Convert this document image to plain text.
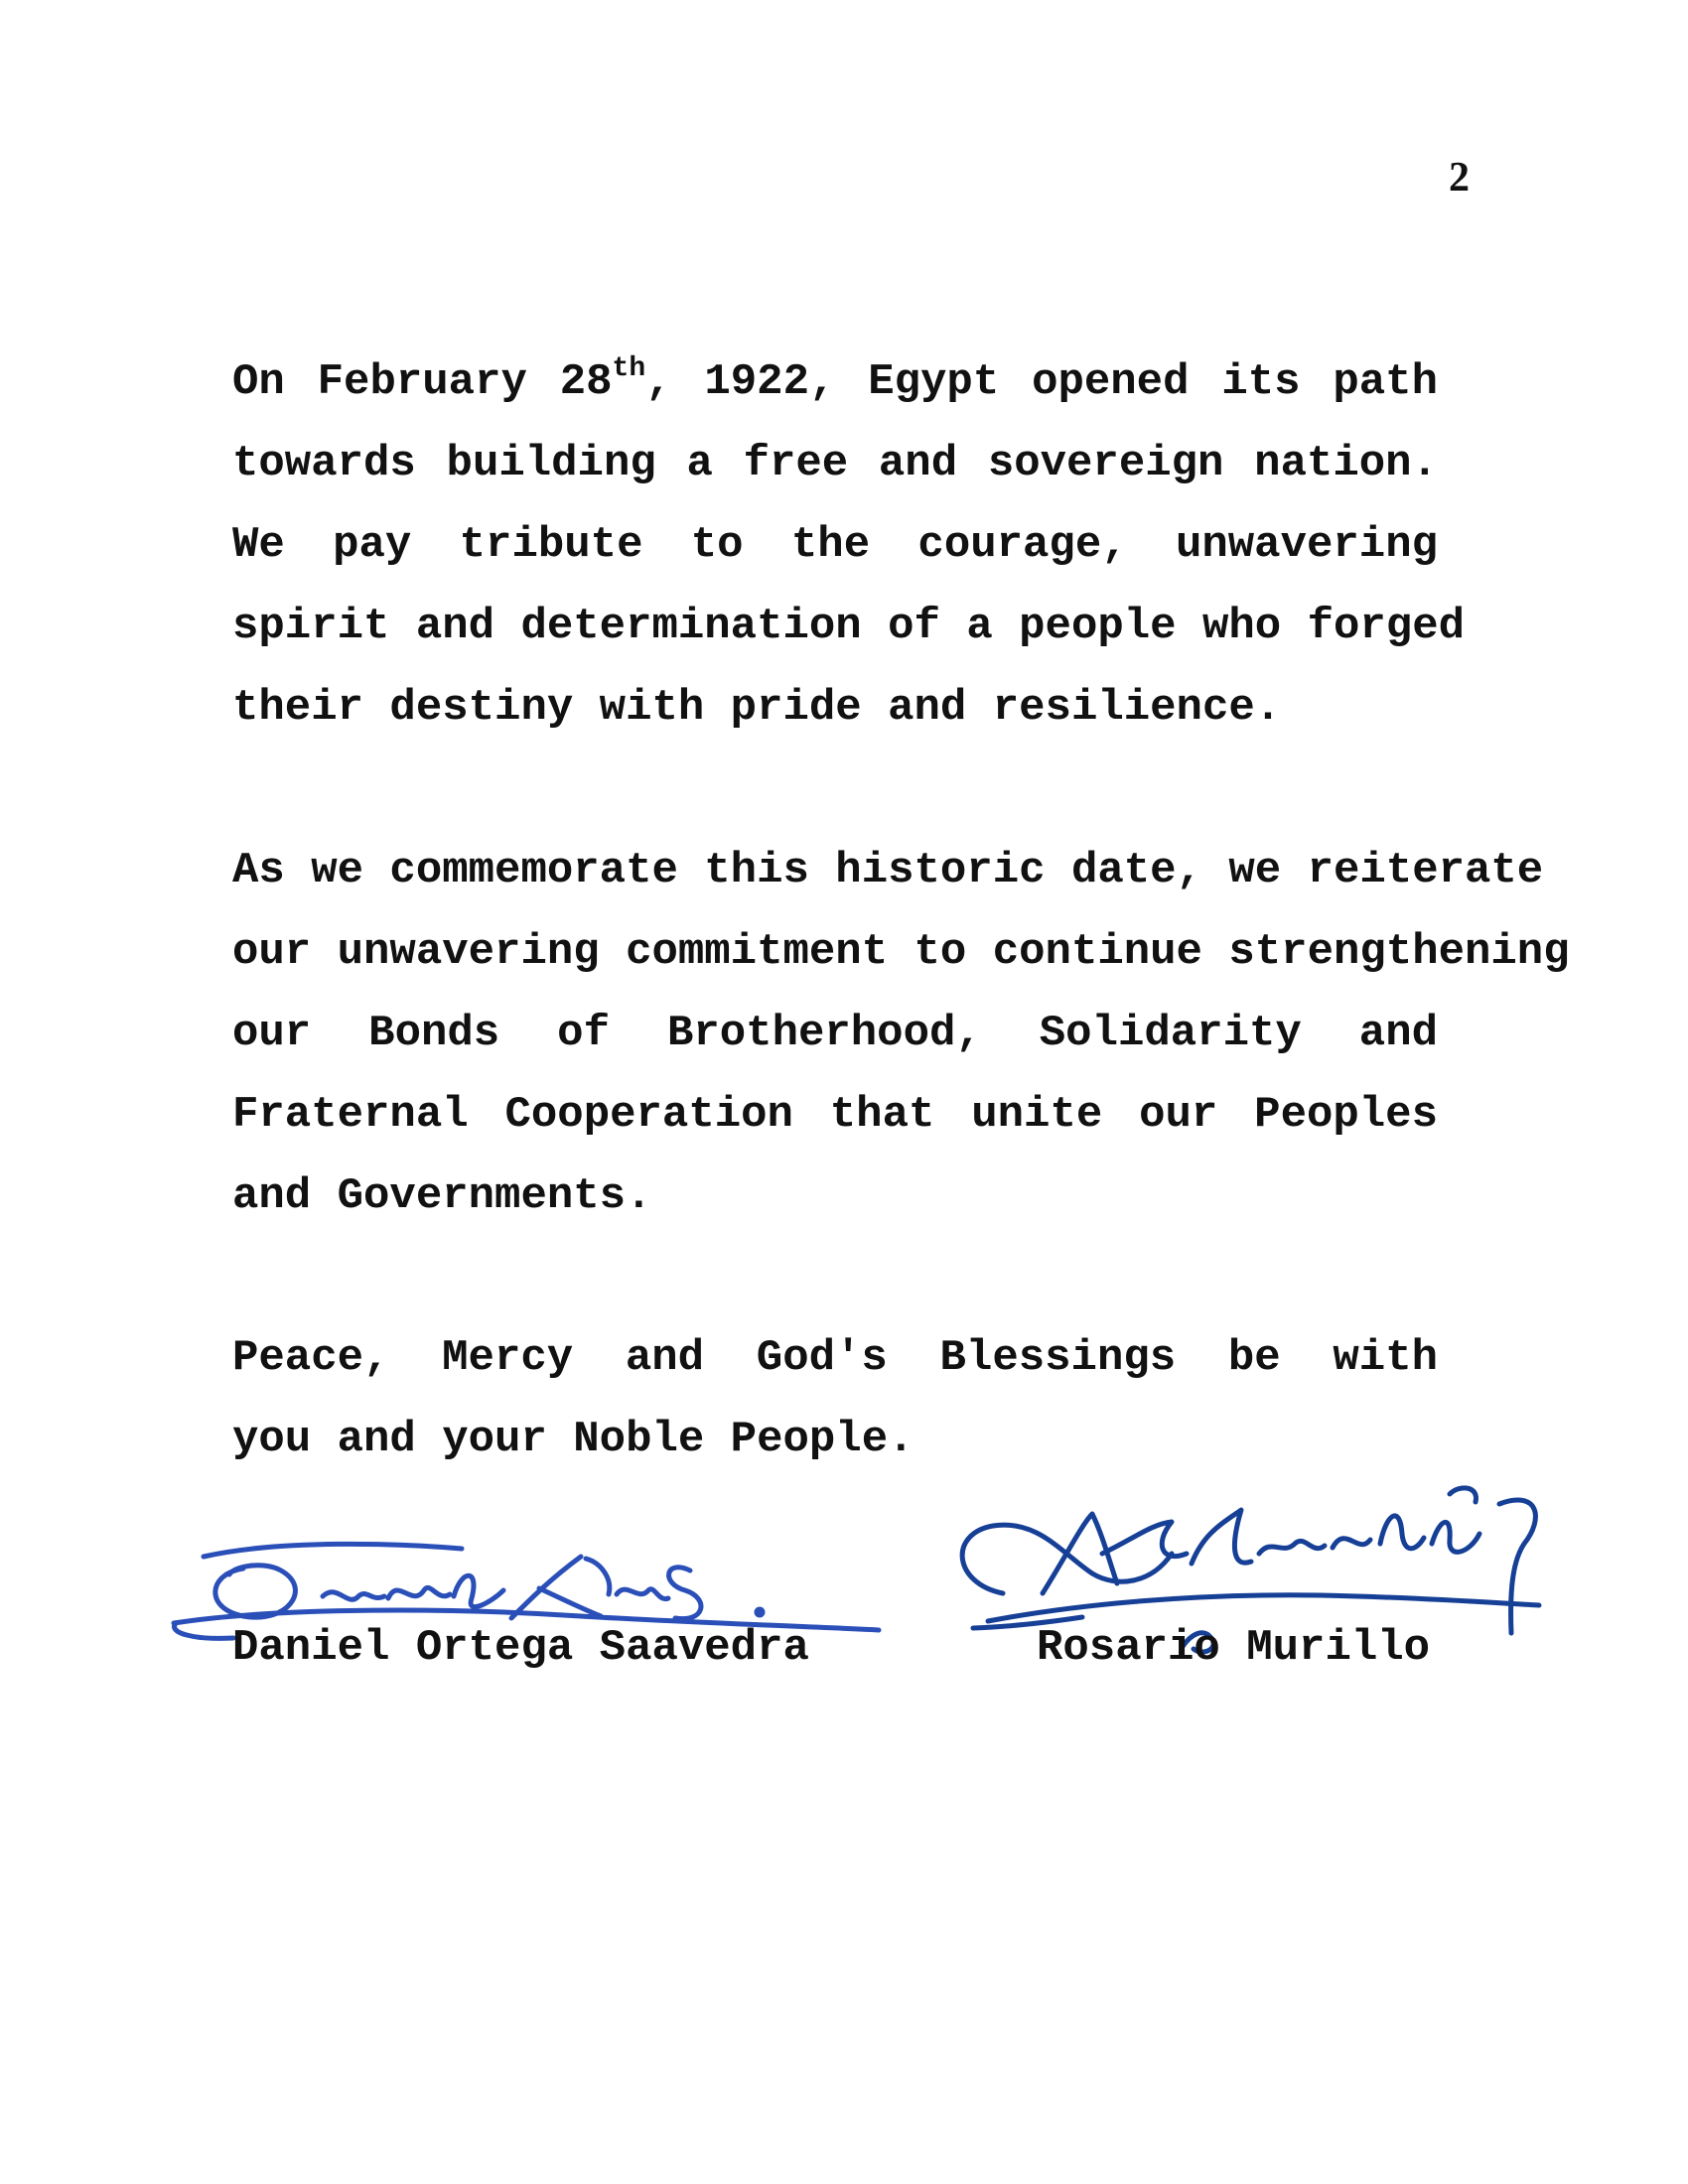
2
On February 28th, 1922, Egypt opened its path
towards building a free and sovereign nation.
We pay tribute to the courage, unwavering
spirit and determination of a people who forged
their destiny with pride and resilience.
As we commemorate this historic date, we reiterate
our unwavering commitment to continue strengthening
our Bonds of Brotherhood, Solidarity and
Fraternal Cooperation that unite our Peoples
and Governments.
Peace, Mercy and God's Blessings be with
you and your Noble People.
Daniel Ortega Saavedra	Rosario Murillo
